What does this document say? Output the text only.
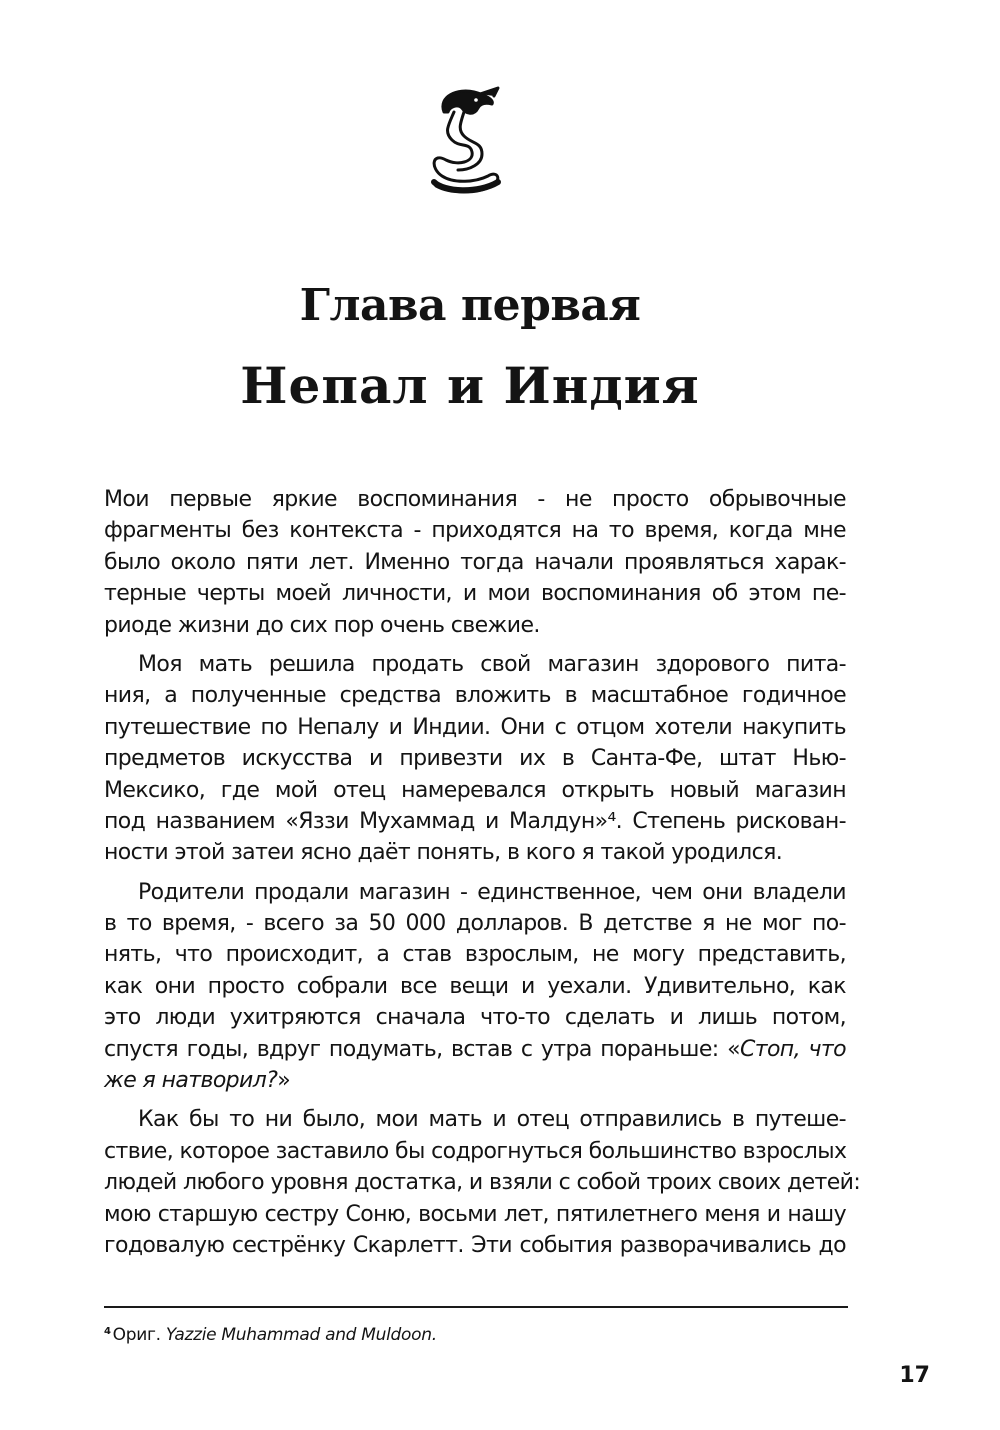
Глава первая
Непал и Индия
Мои первые яркие воспоминания - не просто обрывочные
фрагменты без контекста - приходятся на то время, когда мне
было около пяти лет. Именно тогда начали проявляться харак-
терные черты моей личности, и мои воспоминания об этом пе-
риоде жизни до сих пор очень свежие.
Моя мать решила продать свой магазин здорового пита-
ния, а полученные средства вложить в масштабное годичное
путешествие по Непалу и Индии. Они с отцом хотели накупить
предметов искусства и привезти их в Санта-Фе, штат Нью-
Мексико, где мой отец намеревался открыть новый магазин
под названием «Яззи Мухаммад и Малдун»⁴. Степень рискован-
ности этой затеи ясно даёт понять, в кого я такой уродился.
Родители продали магазин - единственное, чем они владели
в то время, - всего за 50 000 долларов. В детстве я не мог по-
нять, что происходит, а став взрослым, не могу представить,
как они просто собрали все вещи и уехали. Удивительно, как
это люди ухитряются сначала что-то сделать и лишь потом,
спустя годы, вдруг подумать, встав с утра пораньше: «Стоп, что
же я натворил?»
Как бы то ни было, мои мать и отец отправились в путеше-
ствие, которое заставило бы содрогнуться большинство взрослых
людей любого уровня достатка, и взяли с собой троих своих детей:
мою старшую сестру Соню, восьми лет, пятилетнего меня и нашу
годовалую сестрёнку Скарлетт. Эти события разворачивались до
$^4$ Ориг. Yazzie Muhammad and Muldoon.
17
